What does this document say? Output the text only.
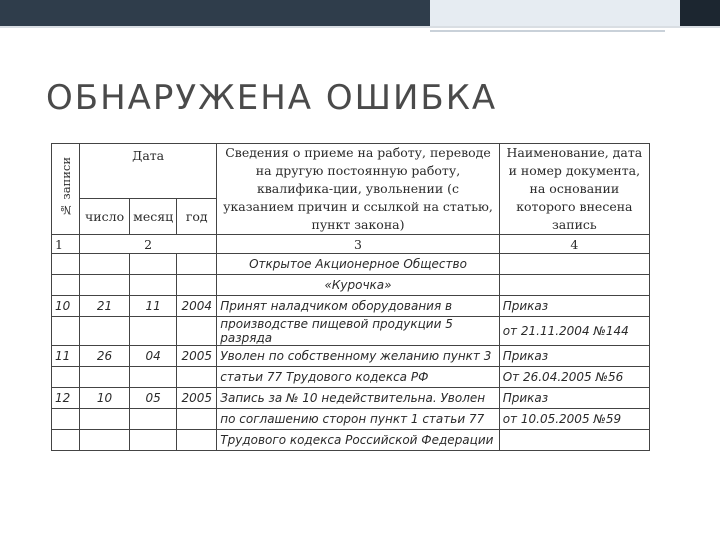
ОБНАРУЖЕНА ОШИБКА
№ записи	Дата			Сведения о приеме на работу, переводе на другую постоянную работу, квалифика-ции, увольнении (с указанием причин и ссылкой на статью, пункт закона)	Наименование, дата и номер документа, на основании которого внесена запись
	число	месяц	год		
1	2			3	4
				Открытое Акционерное Общество	
				«Курочка»	
10	21	11	2004	Принят наладчиком оборудования в	Приказ
				производстве пищевой продукции 5 разряда	от 21.11.2004 №144
11	26	04	2005	Уволен по собственному желанию пункт 3	Приказ
				статьи 77 Трудового кодекса РФ	От 26.04.2005 №56
12	10	05	2005	Запись за № 10 недействительна. Уволен	Приказ
				по соглашению сторон пункт 1 статьи 77	от 10.05.2005 №59
				Трудового кодекса Российской Федерации	
